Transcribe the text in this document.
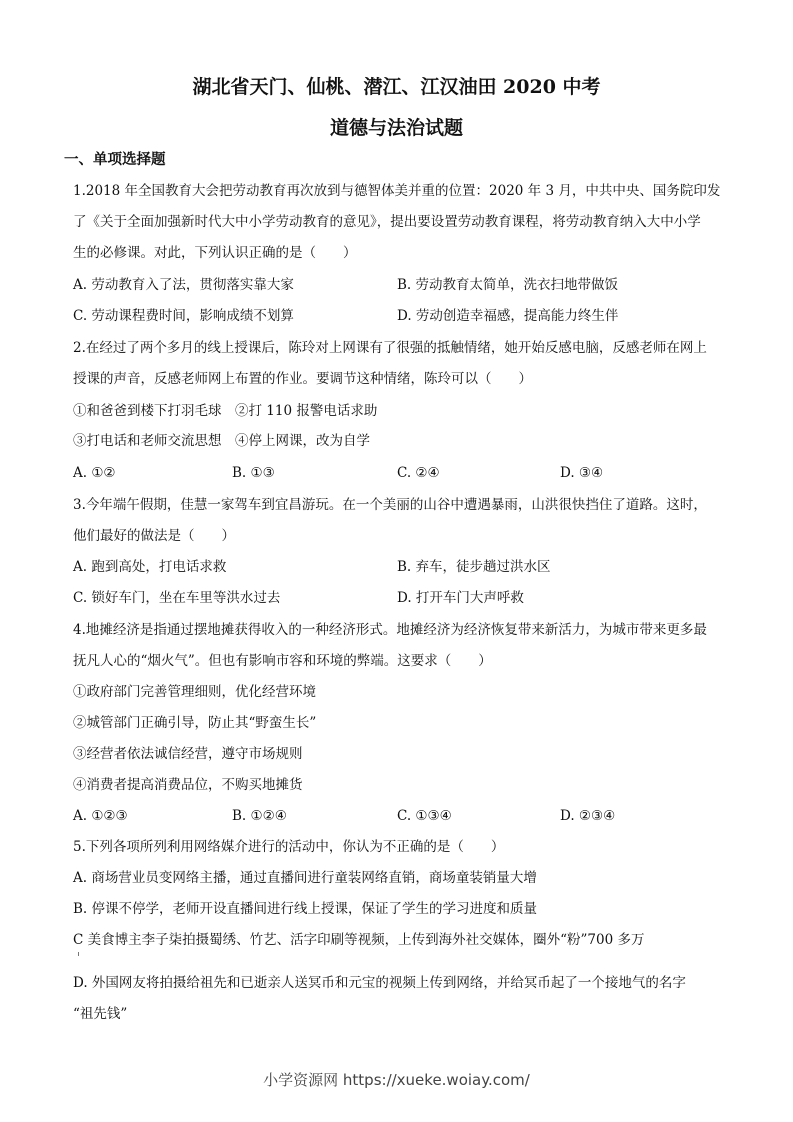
湖北省天门、仙桃、潜江、江汉油田 2020 中考
道德与法治试题
一、单项选择题
1.2018 年全国教育大会把劳动教育再次放到与德智体美并重的位置：2020 年 3 月，中共中央、国务院印发
了《关于全面加强新时代大中小学劳动教育的意见》，提出要设置劳动教育课程，将劳动教育纳入大中小学
生的必修课。对此，下列认识正确的是（　　）
A. 劳动教育入了法，贯彻落实靠大家	B. 劳动教育太简单，洗衣扫地带做饭
C. 劳动课程费时间，影响成绩不划算	D. 劳动创造幸福感，提高能力终生伴
2.在经过了两个多月的线上授课后，陈玲对上网课有了很强的抵触情绪，她开始反感电脑，反感老师在网上
授课的声音，反感老师网上布置的作业。要调节这种情绪，陈玲可以（　　）
①和爸爸到楼下打羽毛球　②打 110 报警电话求助
③打电话和老师交流思想　④停上网课，改为自学
A. ①②	B. ①③	C. ②④	D. ③④
3.今年端午假期，佳慧一家驾车到宜昌游玩。在一个美丽的山谷中遭遇暴雨，山洪很快挡住了道路。这时，
他们最好的做法是（　　）
A. 跑到高处，打电话求救	B. 弃车，徒步趟过洪水区
C. 锁好车门，坐在车里等洪水过去	D. 打开车门大声呼救
4.地摊经济是指通过摆地摊获得收入的一种经济形式。地摊经济为经济恢复带来新活力，为城市带来更多最
抚凡人心的“烟火气”。但也有影响市容和环境的弊端。这要求（　　）
①政府部门完善管理细则，优化经营环境
②城管部门正确引导，防止其“野蛮生长”
③经营者依法诚信经营，遵守市场规则
④消费者提高消费品位，不购买地摊货
A. ①②③	B. ①②④	C. ①③④	D. ②③④
5.下列各项所列利用网络媒介进行的活动中，你认为不正确的是（　　）
A. 商场营业员变网络主播，通过直播间进行童装网络直销，商场童装销量大增
B. 停课不停学，老师开设直播间进行线上授课，保证了学生的学习进度和质量
C 美食博主李子柒拍摄蜀绣、竹艺、活字印刷等视频，上传到海外社交媒体，圈外“粉”700 多万
D. 外国网友将拍摄给祖先和已逝亲人送冥币和元宝的视频上传到网络，并给冥币起了一个接地气的名字
“祖先钱”
小学资源网 https://xueke.woiay.com/
